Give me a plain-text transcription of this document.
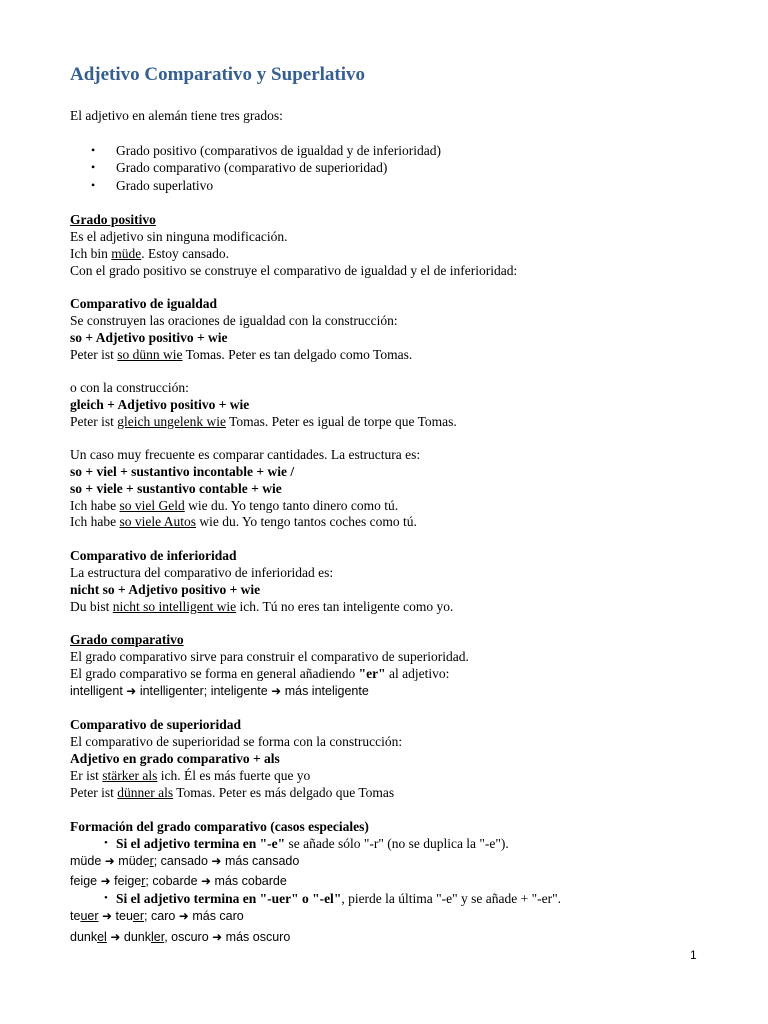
Adjetivo Comparativo y Superlativo
El adjetivo en alemán tiene tres grados:
• Grado positivo (comparativos de igualdad y de inferioridad)
• Grado comparativo (comparativo de superioridad)
• Grado superlativo
Grado positivo
Es el adjetivo sin ninguna modificación.
Ich bin müde. Estoy cansado.
Con el grado positivo se construye el comparativo de igualdad y el de inferioridad:
Comparativo de igualdad
Se construyen las oraciones de igualdad con la construcción:
so + Adjetivo positivo + wie
Peter ist so dünn wie Tomas. Peter es tan delgado como Tomas.
o con la construcción:
gleich + Adjetivo positivo + wie
Peter ist gleich ungelenk wie Tomas. Peter es igual de torpe que Tomas.
Un caso muy frecuente es comparar cantidades. La estructura es:
so + viel + sustantivo incontable + wie /
so + viele + sustantivo contable + wie
Ich habe so viel Geld wie du. Yo tengo tanto dinero como tú.
Ich habe so viele Autos wie du. Yo tengo tantos coches como tú.
Comparativo de inferioridad
La estructura del comparativo de inferioridad es:
nicht so + Adjetivo positivo + wie
Du bist nicht so intelligent wie ich. Tú no eres tan inteligente como yo.
Grado comparativo
El grado comparativo sirve para construir el comparativo de superioridad.
El grado comparativo se forma en general añadiendo "er" al adjetivo:
intelligent ➜ intelligenter; inteligente ➜ más inteligente
Comparativo de superioridad
El comparativo de superioridad se forma con la construcción:
Adjetivo en grado comparativo + als
Er ist stärker als ich. Él es más fuerte que yo
Peter ist dünner als Tomas. Peter es más delgado que Tomas
Formación del grado comparativo (casos especiales)
• Si el adjetivo termina en "-e" se añade sólo "-r" (no se duplica la "-e").
müde ➜ müder; cansado ➜ más cansado
feige ➜ feiger; cobarde ➜ más cobarde
• Si el adjetivo termina en "-uer" o "-el", pierde la última "-e" y se añade + "-er".
teuer ➜ teuer; caro ➜ más caro
dunkel ➜ dunkler, oscuro ➜ más oscuro
1
